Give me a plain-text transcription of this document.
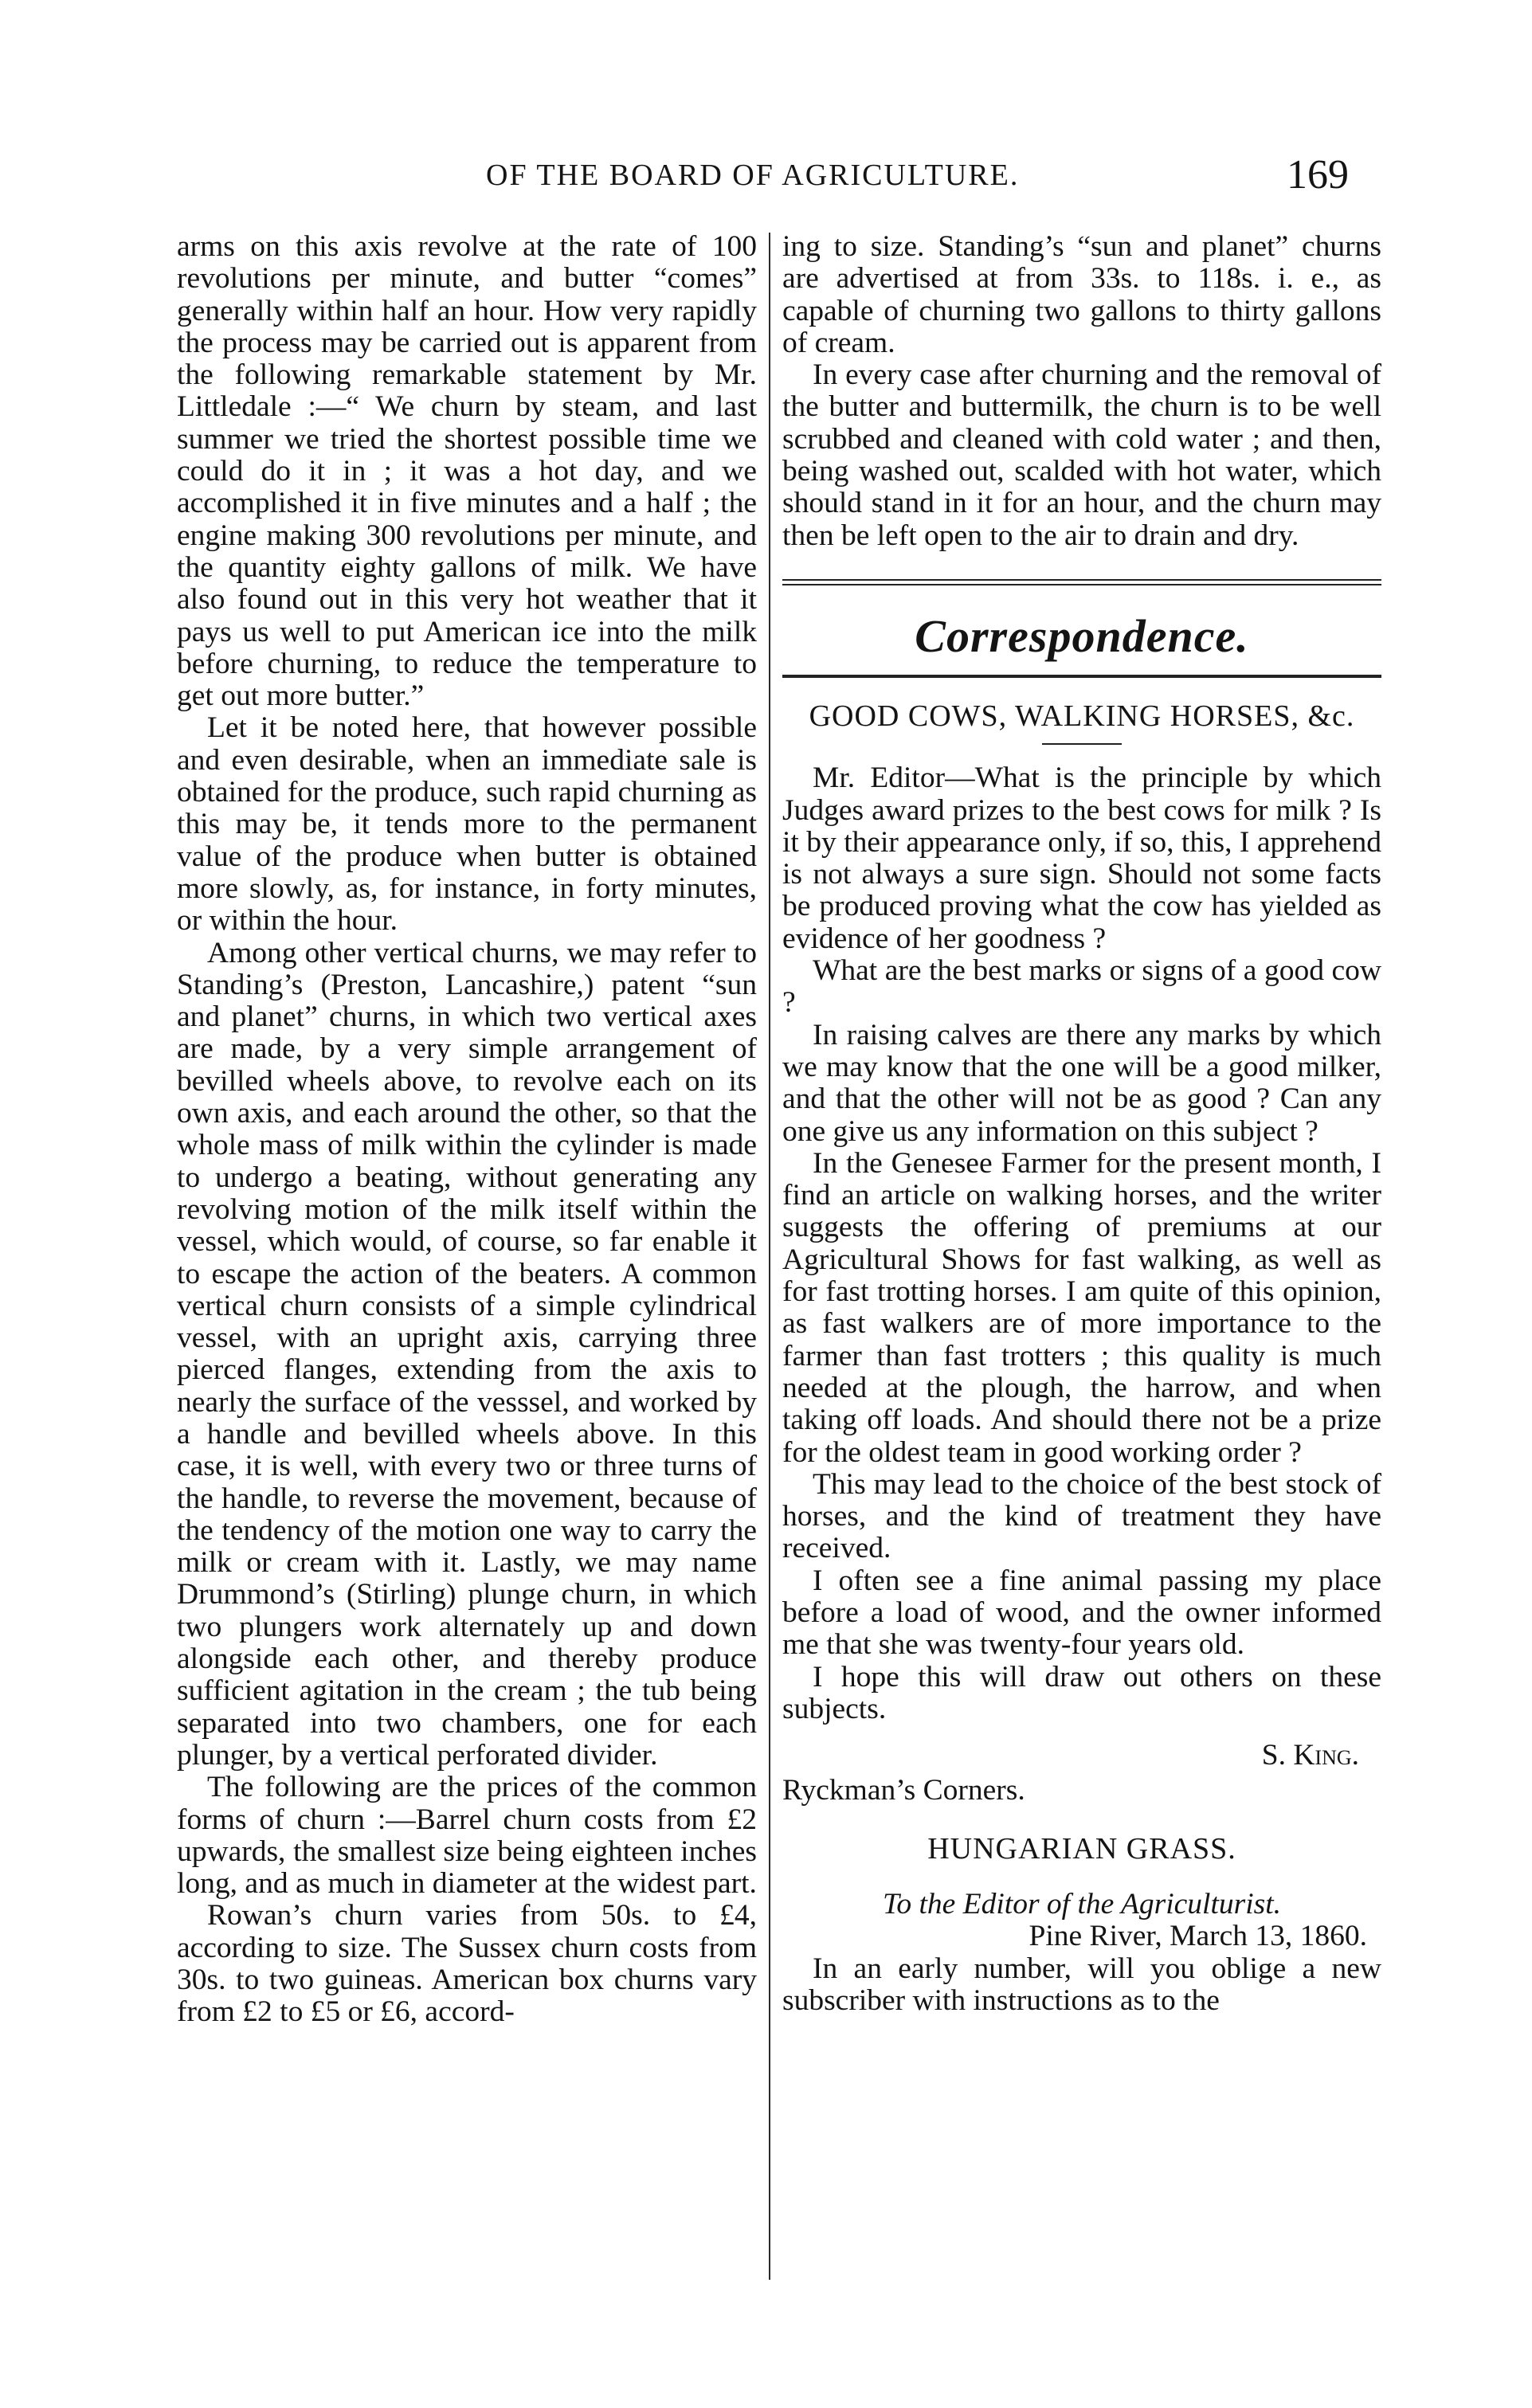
OF THE BOARD OF AGRICULTURE.	169

arms on this axis revolve at the rate of 100 revolutions per minute, and butter “comes” generally within half an hour. How very rapidly the process may be carried out is apparent from the following remarkable statement by Mr. Littledale :—“ We churn by steam, and last summer we tried the shortest possible time we could do it in ; it was a hot day, and we accomplished it in five minutes and a half ; the engine making 300 revolutions per minute, and the quantity eighty gallons of milk. We have also found out in this very hot weather that it pays us well to put American ice into the milk before churning, to reduce the temperature to get out more butter.”

Let it be noted here, that however possible and even desirable, when an immediate sale is obtained for the produce, such rapid churning as this may be, it tends more to the permanent value of the produce when butter is obtained more slowly, as, for instance, in forty minutes, or within the hour.

Among other vertical churns, we may refer to Standing’s (Preston, Lancashire,) patent “sun and planet” churns, in which two vertical axes are made, by a very simple arrangement of bevilled wheels above, to revolve each on its own axis, and each around the other, so that the whole mass of milk within the cylinder is made to undergo a beating, without generating any revolving motion of the milk itself within the vessel, which would, of course, so far enable it to escape the action of the beaters. A common vertical churn consists of a simple cylindrical vessel, with an upright axis, carrying three pierced flanges, extending from the axis to nearly the surface of the vesssel, and worked by a handle and bevilled wheels above. In this case, it is well, with every two or three turns of the handle, to reverse the movement, because of the tendency of the motion one way to carry the milk or cream with it. Lastly, we may name Drummond’s (Stirling) plunge churn, in which two plungers work alternately up and down alongside each other, and thereby produce sufficient agitation in the cream ; the tub being separated into two chambers, one for each plunger, by a vertical perforated divider.

The following are the prices of the common forms of churn :—Barrel churn costs from £2 upwards, the smallest size being eighteen inches long, and as much in diameter at the widest part.

Rowan’s churn varies from 50s. to £4, according to size. The Sussex churn costs from 30s. to two guineas. American box churns vary from £2 to £5 or £6, accord-

ing to size. Standing’s “sun and planet” churns are advertised at from 33s. to 118s. i. e., as capable of churning two gallons to thirty gallons of cream.

In every case after churning and the removal of the butter and buttermilk, the churn is to be well scrubbed and cleaned with cold water ; and then, being washed out, scalded with hot water, which should stand in it for an hour, and the churn may then be left open to the air to drain and dry.

Correspondence.
GOOD COWS, WALKING HORSES, &c.

Mr. Editor—What is the principle by which Judges award prizes to the best cows for milk ? Is it by their appearance only, if so, this, I apprehend is not always a sure sign. Should not some facts be produced proving what the cow has yielded as evidence of her goodness ?

What are the best marks or signs of a good cow ?

In raising calves are there any marks by which we may know that the one will be a good milker, and that the other will not be as good ? Can any one give us any information on this subject ?

In the Genesee Farmer for the present month, I find an article on walking horses, and the writer suggests the offering of premiums at our Agricultural Shows for fast walking, as well as for fast trotting horses. I am quite of this opinion, as fast walkers are of more importance to the farmer than fast trotters ; this quality is much needed at the plough, the harrow, and when taking off loads. And should there not be a prize for the oldest team in good working order ?

This may lead to the choice of the best stock of horses, and the kind of treatment they have received.

I often see a fine animal passing my place before a load of wood, and the owner informed me that she was twenty-four years old.

I hope this will draw out others on these subjects.

S. King.

Ryckman’s Corners.

HUNGARIAN GRASS.

To the Editor of the Agriculturist.

Pine River, March 13, 1860.

In an early number, will you oblige a new subscriber with instructions as to the
